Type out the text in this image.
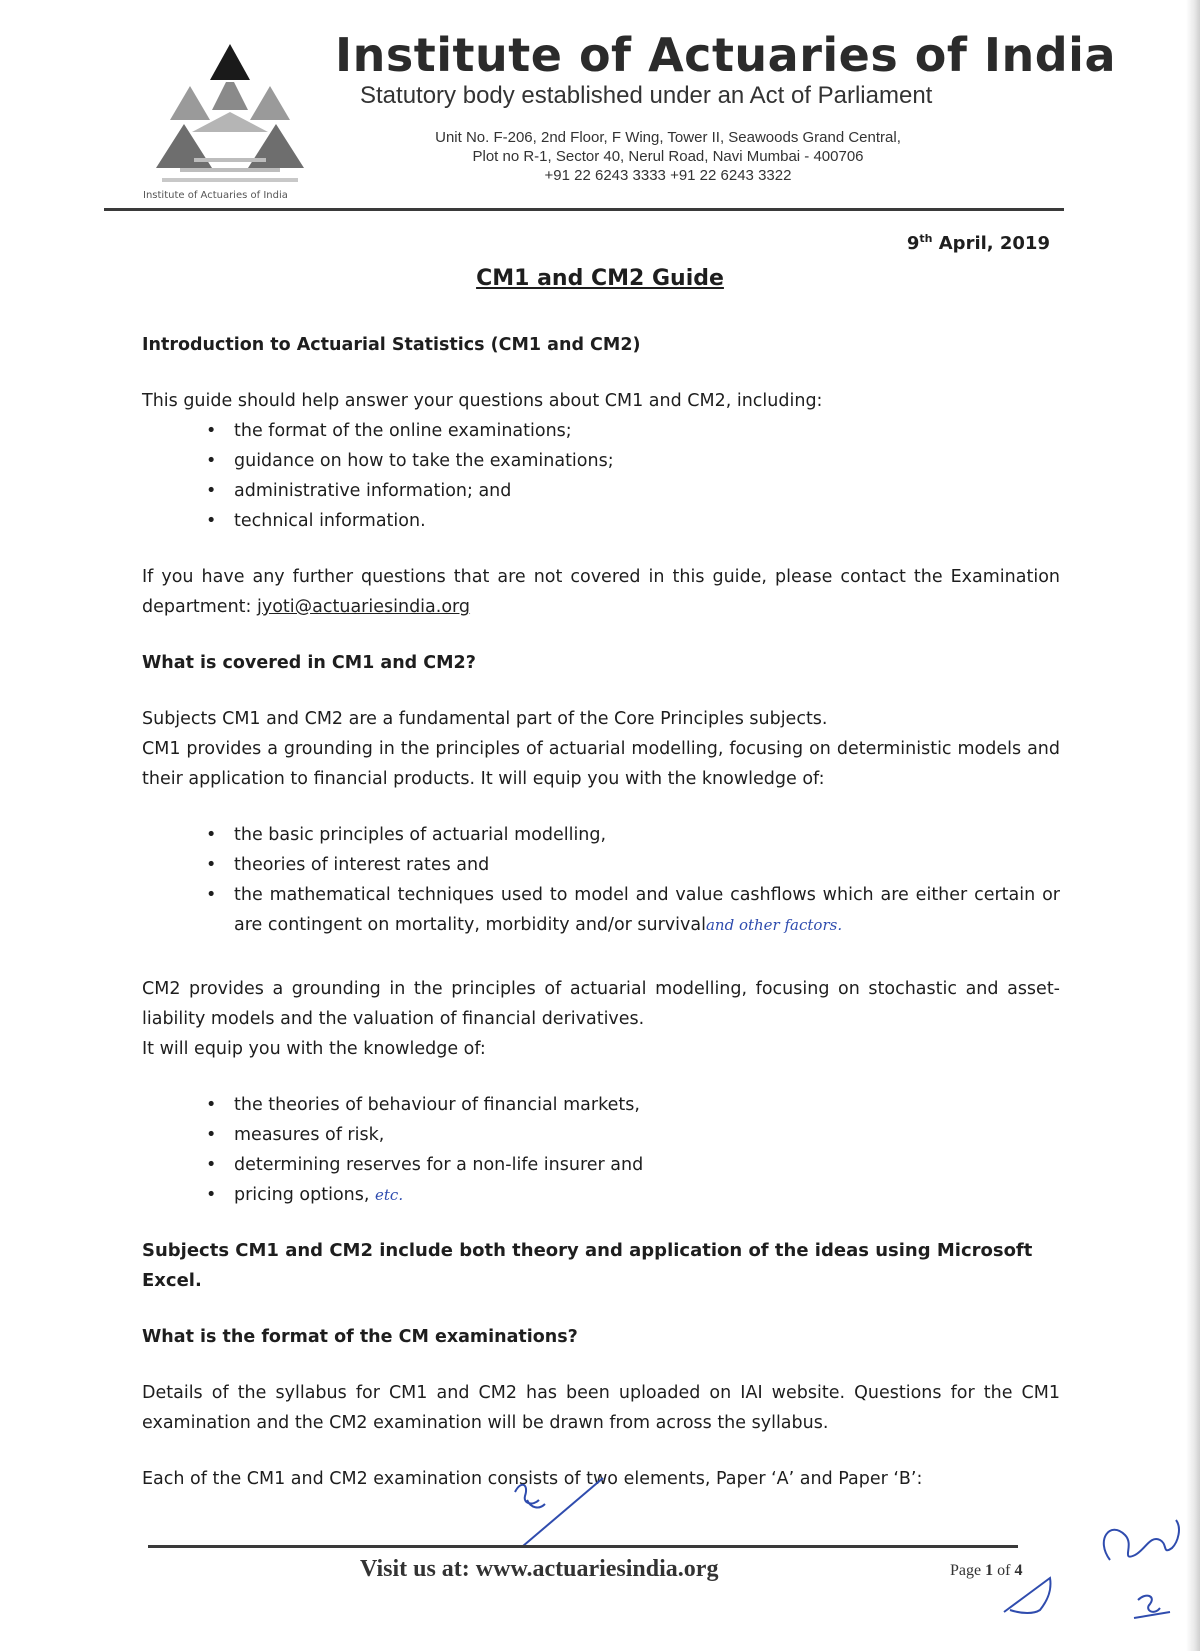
Institute of Actuaries of India
Institute of Actuaries of India
Statutory body established under an Act of Parliament
Unit No. F-206, 2nd Floor, F Wing, Tower II, Seawoods Grand Central,
Plot no R-1, Sector 40, Nerul Road, Navi Mumbai - 400706
+91 22 6243 3333 +91 22 6243 3322
9th April, 2019
CM1 and CM2 Guide

Introduction to Actuarial Statistics (CM1 and CM2)

This guide should help answer your questions about CM1 and CM2, including:

• the format of the online examinations;
• guidance on how to take the examinations;
• administrative information; and
• technical information.

If you have any further questions that are not covered in this guide, please contact the Examination department: jyoti@actuariesindia.org

What is covered in CM1 and CM2?

Subjects CM1 and CM2 are a fundamental part of the Core Principles subjects.

CM1 provides a grounding in the principles of actuarial modelling, focusing on deterministic models and their application to financial products. It will equip you with the knowledge of:

• the basic principles of actuarial modelling,
• theories of interest rates and
• the mathematical techniques used to model and value cashflows which are either certain or are contingent on mortality, morbidity and/or survivaland other factors.

CM2 provides a grounding in the principles of actuarial modelling, focusing on stochastic and asset-liability models and the valuation of financial derivatives.

It will equip you with the knowledge of:

• the theories of behaviour of financial markets,
• measures of risk,
• determining reserves for a non-life insurer and
• pricing options, etc.

Subjects CM1 and CM2 include both theory and application of the ideas using Microsoft Excel.

What is the format of the CM examinations?

Details of the syllabus for CM1 and CM2 has been uploaded on IAI website. Questions for the CM1 examination and the CM2 examination will be drawn from across the syllabus.

Each of the CM1 and CM2 examination consists of two elements, Paper ‘A’ and Paper ‘B’:

Visit us at: www.actuariesindia.org	Page 1 of 4
